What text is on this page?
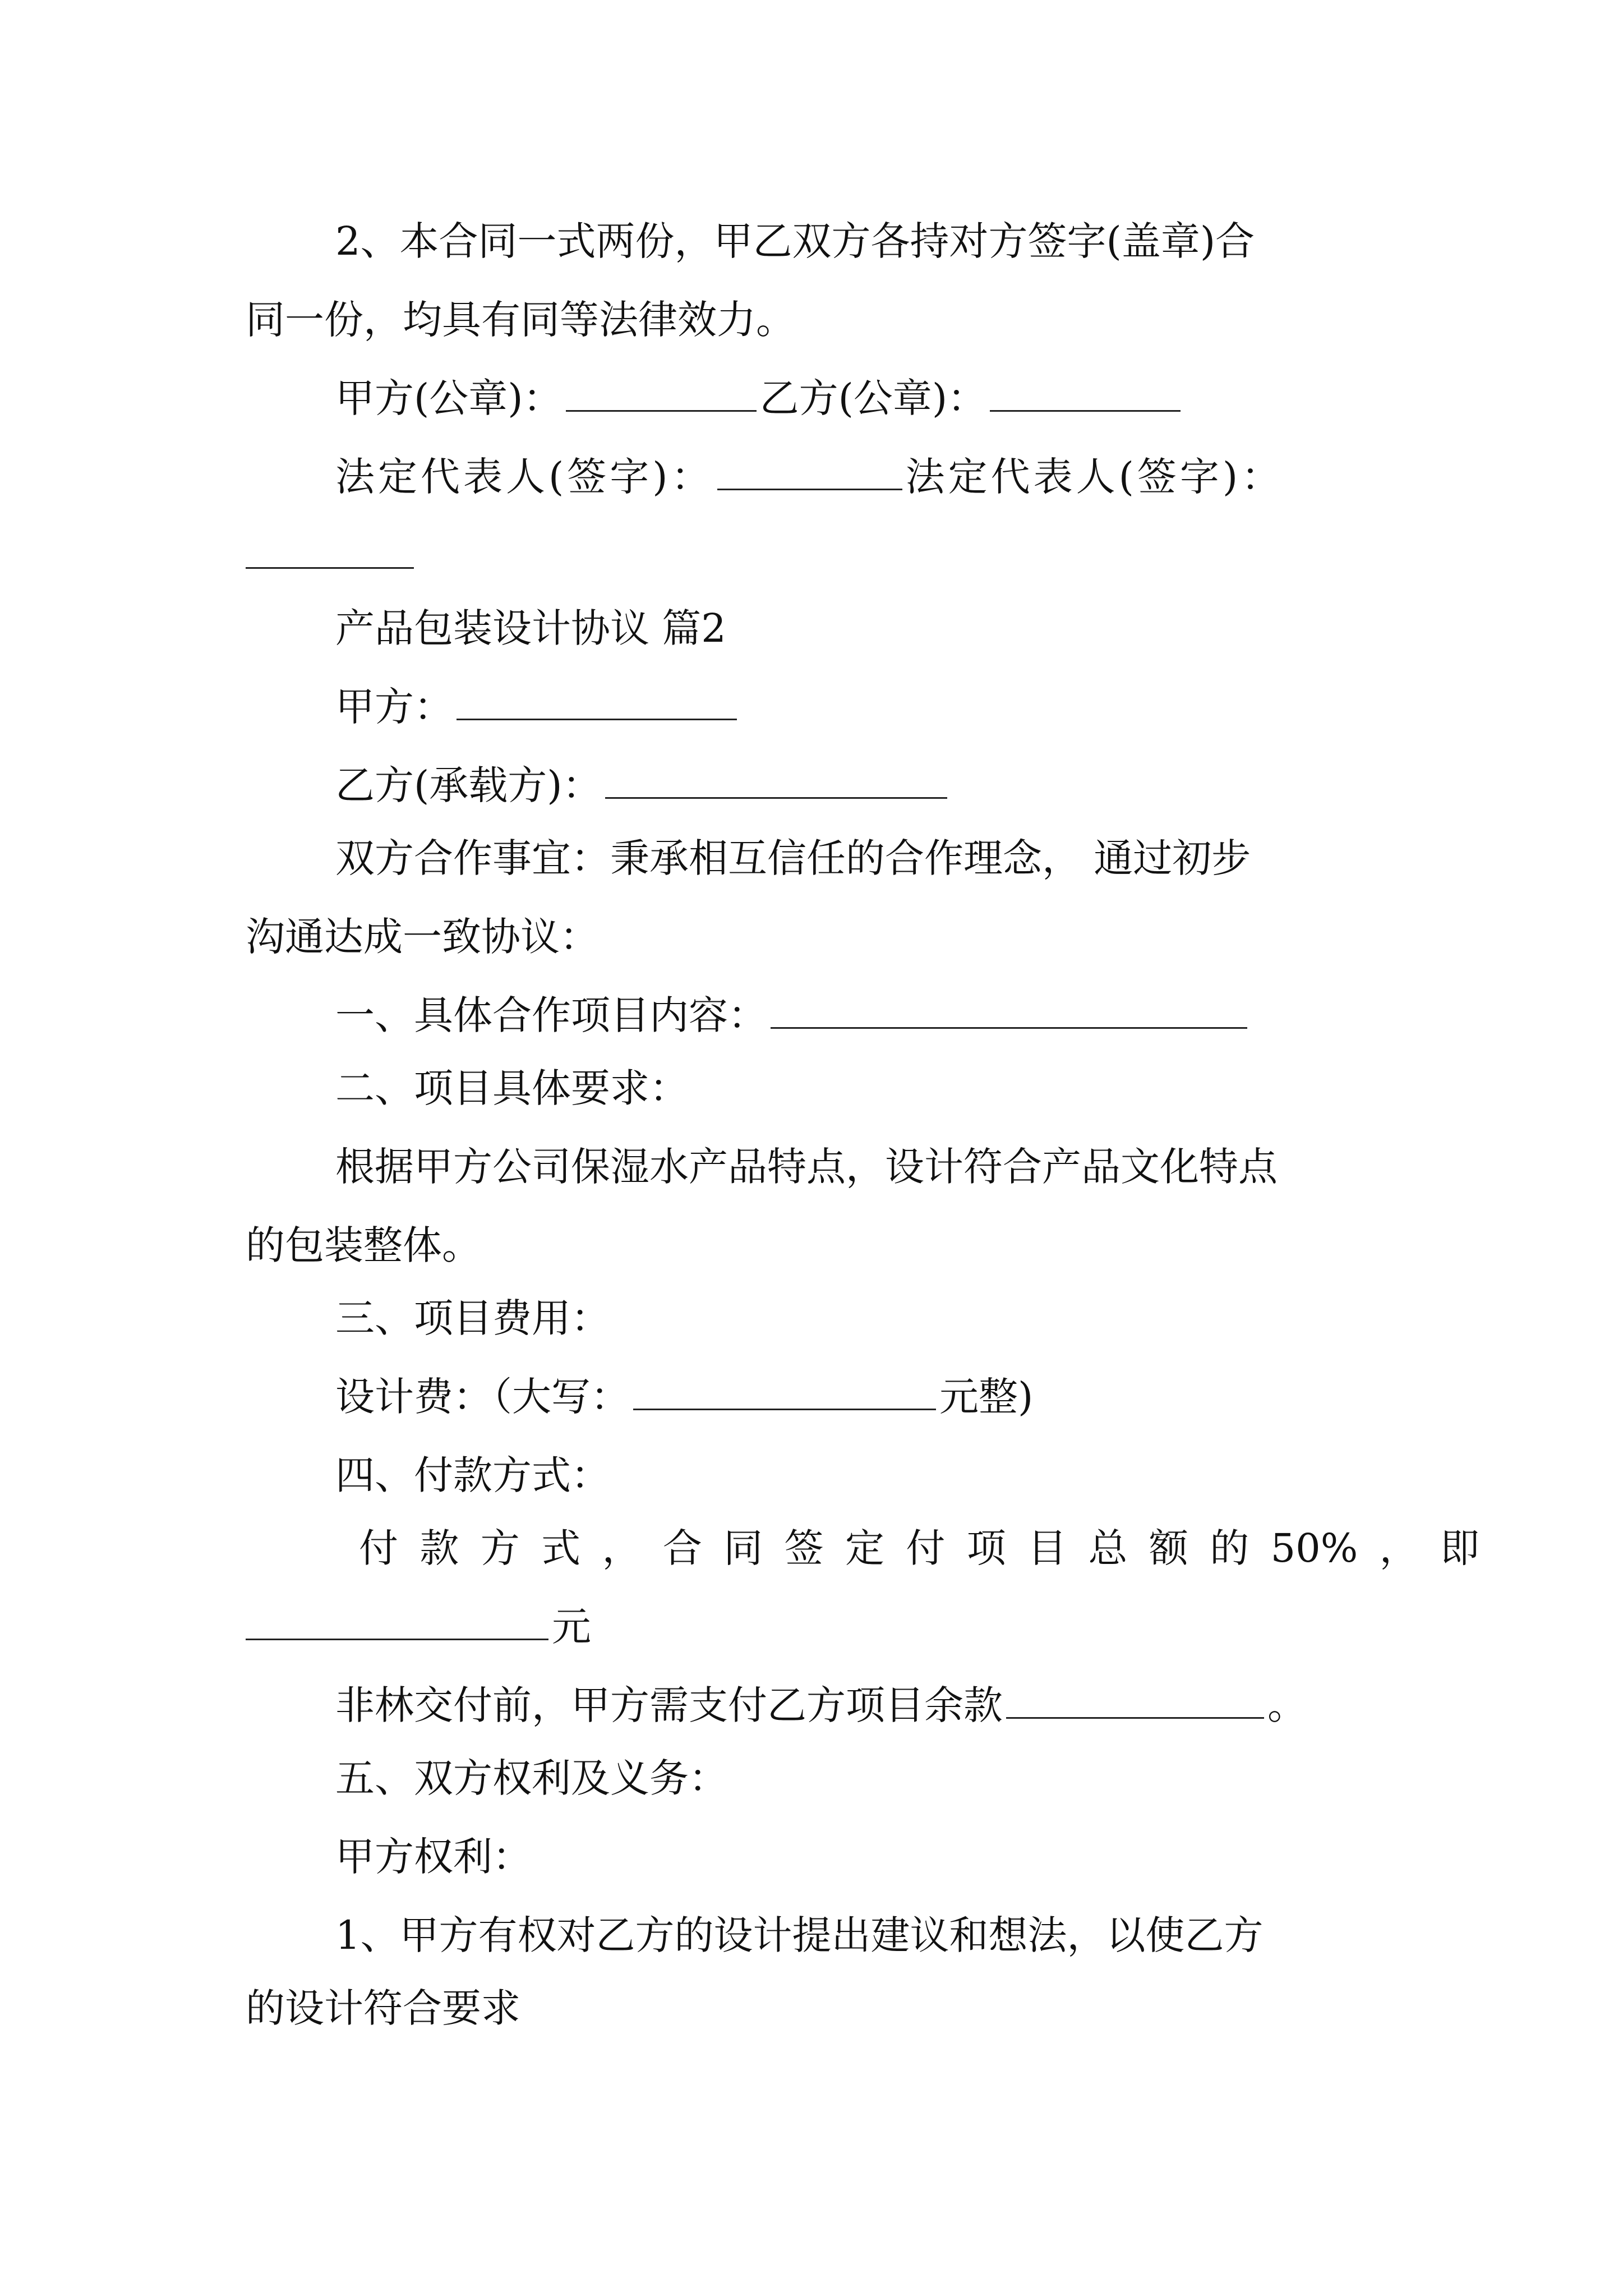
2、本合同一式两份，甲乙双方各持对方签字(盖章)合
同一份，均具有同等法律效力。
甲方(公章)：	乙方(公章)：
法定代表人(签字)：	法定代表人(签字)：
产品包装设计协议 篇2
甲方：
乙方(承载方)：
双方合作事宜：秉承相互信任的合作理念， 通过初步
沟通达成一致协议：
一、具体合作项目内容：
二、项目具体要求：
根据甲方公司保湿水产品特点，设计符合产品文化特点
的包装整体。
三、项目费用：
设计费：（大写：	元整)
四、付款方式：
付 款 方 式 ， 合 同 签 定 付 项 目 总 额 的 50% ， 即
元
非林交付前，甲方需支付乙方项目余款	。
五、双方权利及义务：
甲方权利：
1、甲方有权对乙方的设计提出建议和想法，以使乙方
的设计符合要求
